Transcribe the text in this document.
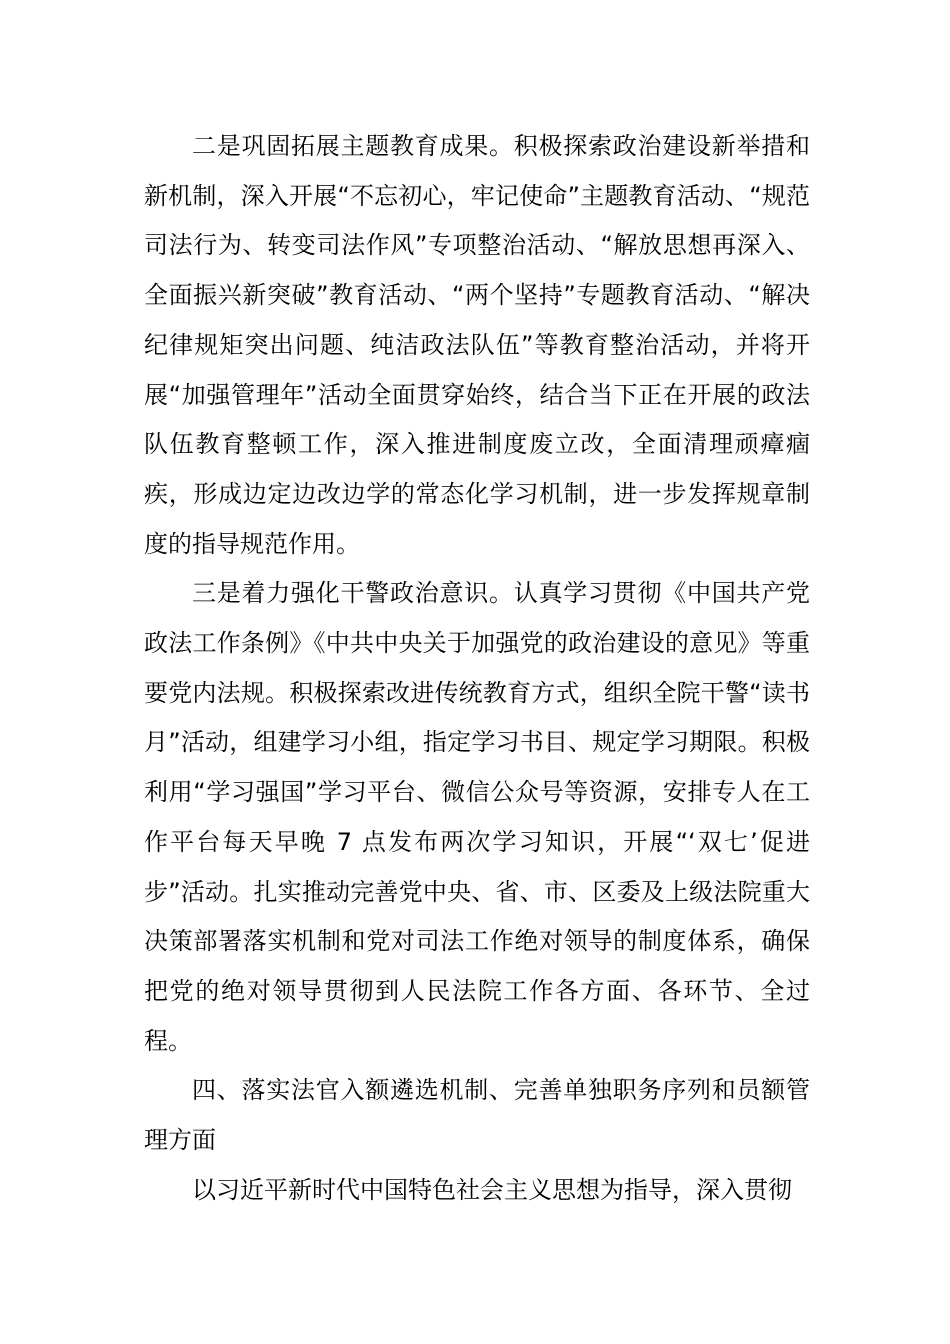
二是巩固拓展主题教育成果。积极探索政治建设新举措和新机制，深入开展“不忘初心，牢记使命”主题教育活动、“规范司法行为、转变司法作风”专项整治活动、“解放思想再深入、全面振兴新突破”教育活动、“两个坚持”专题教育活动、“解决纪律规矩突出问题、纯洁政法队伍”等教育整治活动，并将开展“加强管理年”活动全面贯穿始终，结合当下正在开展的政法队伍教育整顿工作，深入推进制度废立改，全面清理顽瘴痼疾，形成边定边改边学的常态化学习机制，进一步发挥规章制度的指导规范作用。

三是着力强化干警政治意识。认真学习贯彻《中国共产党政法工作条例》《中共中央关于加强党的政治建设的意见》等重要党内法规。积极探索改进传统教育方式，组织全院干警“读书月”活动，组建学习小组，指定学习书目、规定学习期限。积极利用“学习强国”学习平台、微信公众号等资源，安排专人在工作平台每天早晚 7 点发布两次学习知识，开展“‘双七’促进步”活动。扎实推动完善党中央、省、市、区委及上级法院重大决策部署落实机制和党对司法工作绝对领导的制度体系，确保把党的绝对领导贯彻到人民法院工作各方面、各环节、全过程。

四、落实法官入额遴选机制、完善单独职务序列和员额管理方面

以习近平新时代中国特色社会主义思想为指导，深入贯彻
